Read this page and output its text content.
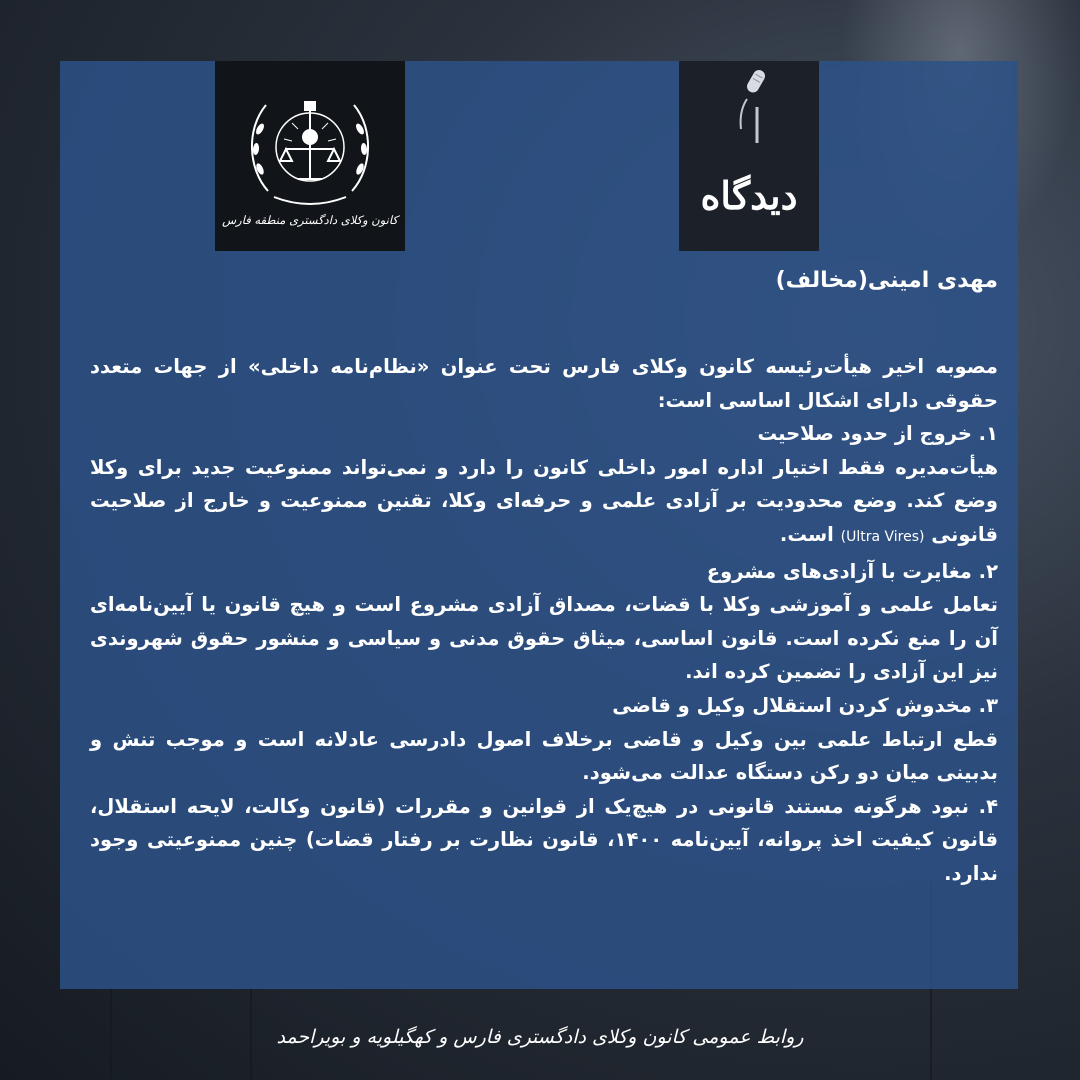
کانون وکلای دادگستری منطقه فارس
دیدگاه
مهدی امینی(مخالف)

مصوبه اخیر هیأت‌رئیسه کانون وکلای فارس تحت عنوان «نظام‌نامه داخلی» از جهات متعدد حقوقی دارای اشکال اساسی است:

۱. خروج از حدود صلاحیت

هیأت‌مدیره فقط اختیار اداره امور داخلی کانون را دارد و نمی‌تواند ممنوعیت جدید برای وکلا وضع کند. وضع محدودیت بر آزادی علمی و حرفه‌ای وکلا، تقنین ممنوعیت و خارج از صلاحیت قانونی (Ultra Vires) است.

۲. مغایرت با آزادی‌های مشروع

تعامل علمی و آموزشی وکلا با قضات، مصداق آزادی مشروع است و هیچ قانون یا آیین‌نامه‌ای آن را منع نکرده است. قانون اساسی، میثاق حقوق مدنی و سیاسی و منشور حقوق شهروندی نیز این آزادی را تضمین کرده اند.

۳. مخدوش کردن استقلال وکیل و قاضی

قطع ارتباط علمی بین وکیل و قاضی برخلاف اصول دادرسی عادلانه است و موجب تنش و بدبینی میان دو رکن دستگاه عدالت می‌شود.

۴. نبود هرگونه مستند قانونی در هیچ‌یک از قوانین و مقررات (قانون وکالت، لایحه استقلال، قانون کیفیت اخذ پروانه، آیین‌نامه ۱۴۰۰، قانون نظارت بر رفتار قضات) چنین ممنوعیتی وجود ندارد.

روابط عمومی کانون وکلای دادگستری فارس و کهگیلویه و بویراحمد
